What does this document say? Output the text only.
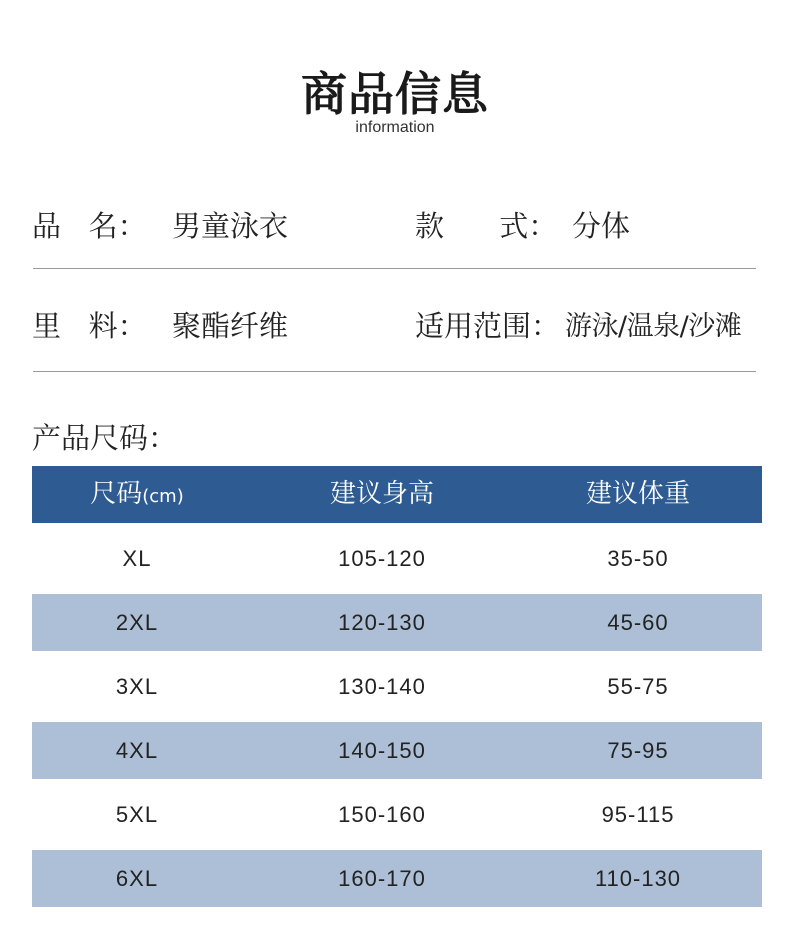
商品信息
information
品   名： 男童泳衣	款      式： 分体
里   料： 聚酯纤维	适用范围： 游泳/温泉/沙滩
产品尺码：
尺码(cm)	建议身高	建议体重
XL	105-120	35-50
2XL	120-130	45-60
3XL	130-140	55-75
4XL	140-150	75-95
5XL	150-160	95-115
6XL	160-170	110-130
